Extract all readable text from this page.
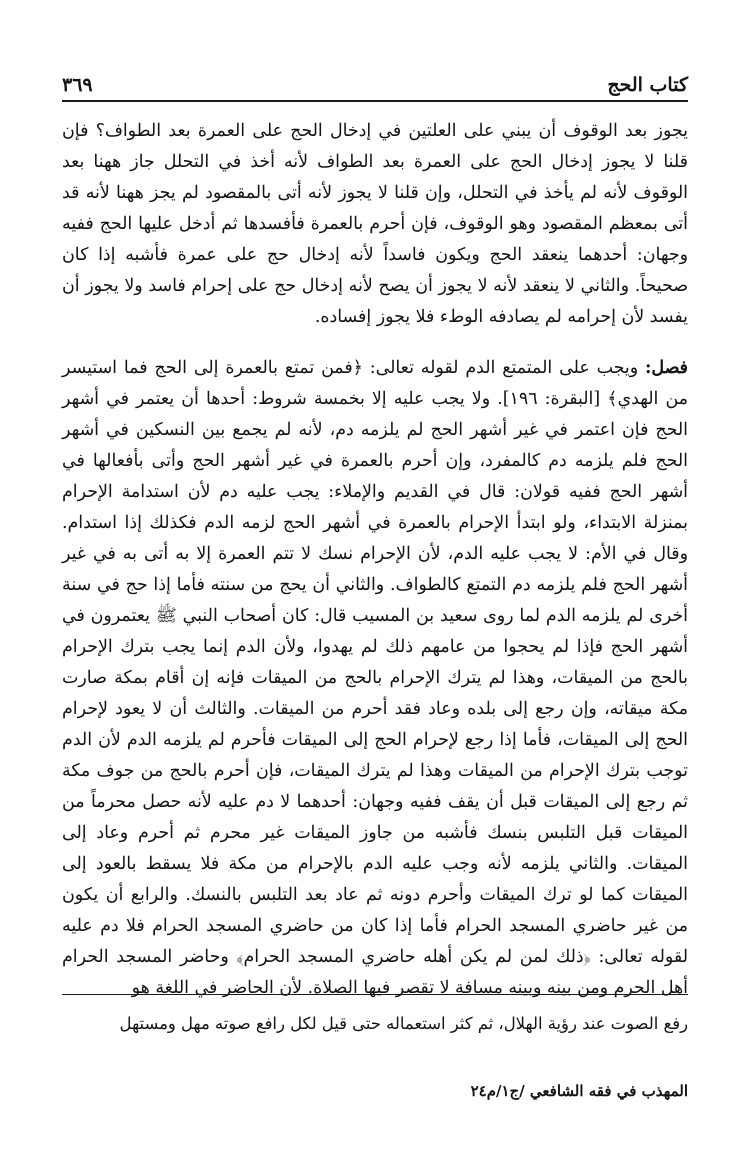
كتاب الحج
٣٦٩

يجوز بعد الوقوف أن يبني على العلتين في إدخال الحج على العمرة بعد الطواف؟ فإن قلنا لا يجوز إدخال الحج على العمرة بعد الطواف لأنه أخذ في التحلل جاز ههنا بعد الوقوف لأنه لم يأخذ في التحلل، وإن قلنا لا يجوز لأنه أتى بالمقصود لم يجز ههنا لأنه قد أتى بمعظم المقصود وهو الوقوف، فإن أحرم بالعمرة فأفسدها ثم أدخل عليها الحج ففيه وجهان: أحدهما ينعقد الحج ويكون فاسداً لأنه إدخال حج على عمرة فأشبه إذا كان صحيحاً. والثاني لا ينعقد لأنه لا يجوز أن يصح لأنه إدخال حج على إحرام فاسد ولا يجوز أن يفسد لأن إحرامه لم يصادفه الوطء فلا يجوز إفساده.

فصل: ويجب على المتمتع الدم لقوله تعالى: ﴿فمن تمتع بالعمرة إلى الحج فما استيسر من الهدي﴾ [البقرة: ١٩٦]. ولا يجب عليه إلا بخمسة شروط: أحدها أن يعتمر في أشهر الحج فإن اعتمر في غير أشهر الحج لم يلزمه دم، لأنه لم يجمع بين النسكين في أشهر الحج فلم يلزمه دم كالمفرد، وإن أحرم بالعمرة في غير أشهر الحج وأتى بأفعالها في أشهر الحج ففيه قولان: قال في القديم والإملاء: يجب عليه دم لأن استدامة الإحرام بمنزلة الابتداء، ولو ابتدأ الإحرام بالعمرة في أشهر الحج لزمه الدم فكذلك إذا استدام. وقال في الأم: لا يجب عليه الدم، لأن الإحرام نسك لا تتم العمرة إلا به أتى به في غير أشهر الحج فلم يلزمه دم التمتع كالطواف. والثاني أن يحج من سنته فأما إذا حج في سنة أخرى لم يلزمه الدم لما روى سعيد بن المسيب قال: كان أصحاب النبي ﷺ يعتمرون في أشهر الحج فإذا لم يحجوا من عامهم ذلك لم يهدوا، ولأن الدم إنما يجب بترك الإحرام بالحج من الميقات، وهذا لم يترك الإحرام بالحج من الميقات فإنه إن أقام بمكة صارت مكة ميقاته، وإن رجع إلى بلده وعاد فقد أحرم من الميقات. والثالث أن لا يعود لإحرام الحج إلى الميقات، فأما إذا رجع لإحرام الحج إلى الميقات فأحرم لم يلزمه الدم لأن الدم توجب بترك الإحرام من الميقات وهذا لم يترك الميقات، فإن أحرم بالحج من جوف مكة ثم رجع إلى الميقات قبل أن يقف ففيه وجهان: أحدهما لا دم عليه لأنه حصل محرماً من الميقات قبل التلبس بنسك فأشبه من جاوز الميقات غير محرم ثم أحرم وعاد إلى الميقات. والثاني يلزمه لأنه وجب عليه الدم بالإحرام من مكة فلا يسقط بالعود إلى الميقات كما لو ترك الميقات وأحرم دونه ثم عاد بعد التلبس بالنسك. والرابع أن يكون من غير حاضري المسجد الحرام فأما إذا كان من حاضري المسجد الحرام فلا دم عليه لقوله تعالى: ﴿ذلك لمن لم يكن أهله حاضري المسجد الحرام﴾ وحاضر المسجد الحرام أهل الحرم ومن بينه وبينه مسافة لا تقصر فيها الصلاة. لأن الحاضر في اللغة هو

رفع الصوت عند رؤية الهلال، ثم كثر استعماله حتى قيل لكل رافع صوته مهل ومستهل
المهذب في فقه الشافعي /ج١/م٢٤
